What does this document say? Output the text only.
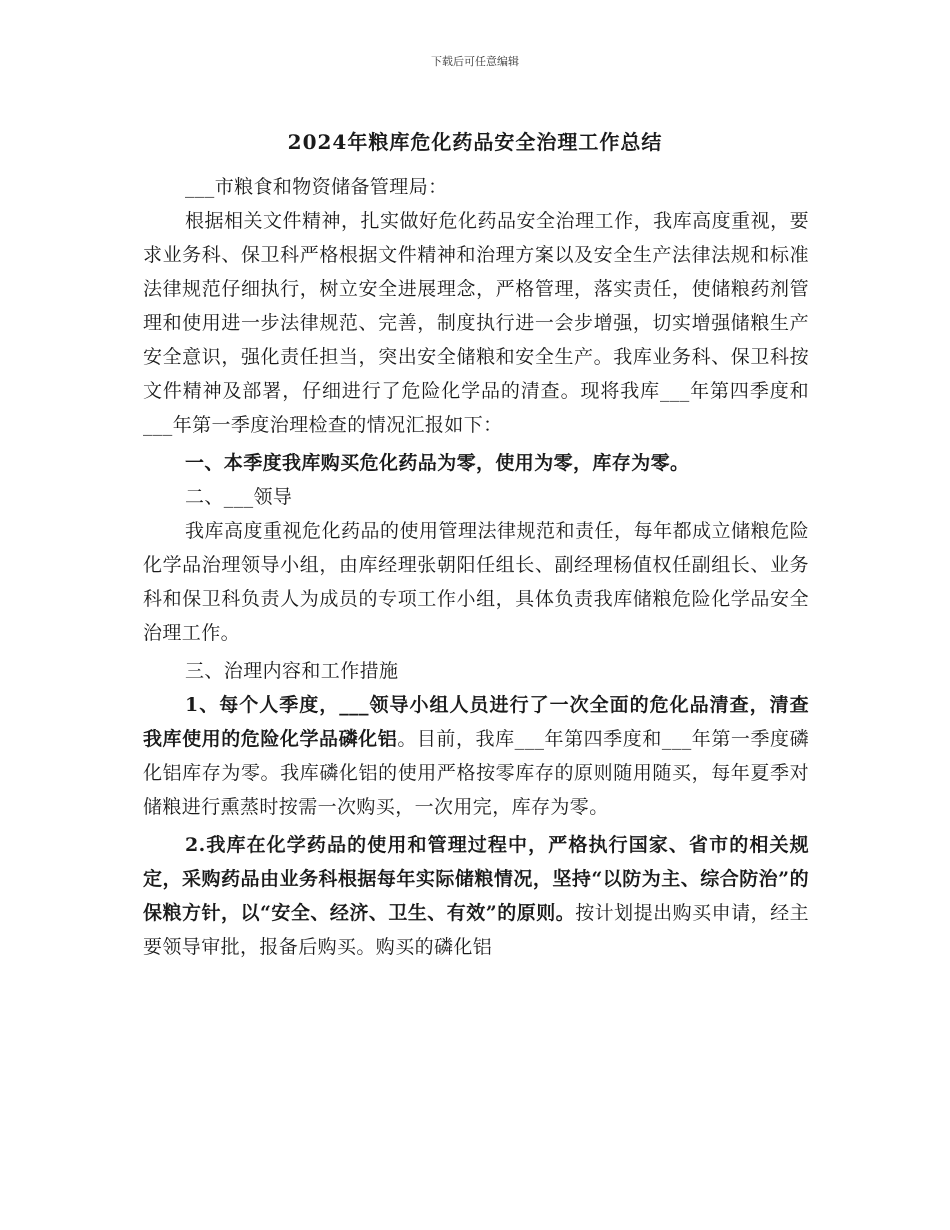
下载后可任意编辑
2024年粮库危化药品安全治理工作总结

___市粮食和物资储备管理局：

根据相关文件精神，扎实做好危化药品安全治理工作，我库高度重视，要求业务科、保卫科严格根据文件精神和治理方案以及安全生产法律法规和标准法律规范仔细执行，树立安全进展理念，严格管理，落实责任，使储粮药剂管理和使用进一步法律规范、完善，制度执行进一会步增强，切实增强储粮生产安全意识，强化责任担当，突出安全储粮和安全生产。我库业务科、保卫科按文件精神及部署，仔细进行了危险化学品的清查。现将我库___年第四季度和___年第一季度治理检查的情况汇报如下：

一、本季度我库购买危化药品为零，使用为零，库存为零。

二、___领导

我库高度重视危化药品的使用管理法律规范和责任，每年都成立储粮危险化学品治理领导小组，由库经理张朝阳任组长、副经理杨值权任副组长、业务科和保卫科负责人为成员的专项工作小组，具体负责我库储粮危险化学品安全治理工作。

三、治理内容和工作措施

1、每个人季度，___领导小组人员进行了一次全面的危化品清查，清查我库使用的危险化学品磷化铝。目前，我库___年第四季度和___年第一季度磷化铝库存为零。我库磷化铝的使用严格按零库存的原则随用随买，每年夏季对储粮进行熏蒸时按需一次购买，一次用完，库存为零。

2.我库在化学药品的使用和管理过程中，严格执行国家、省市的相关规定，采购药品由业务科根据每年实际储粮情况，坚持“以防为主、综合防治”的保粮方针，以“安全、经济、卫生、有效”的原则。按计划提出购买申请，经主要领导审批，报备后购买。购买的磷化铝
